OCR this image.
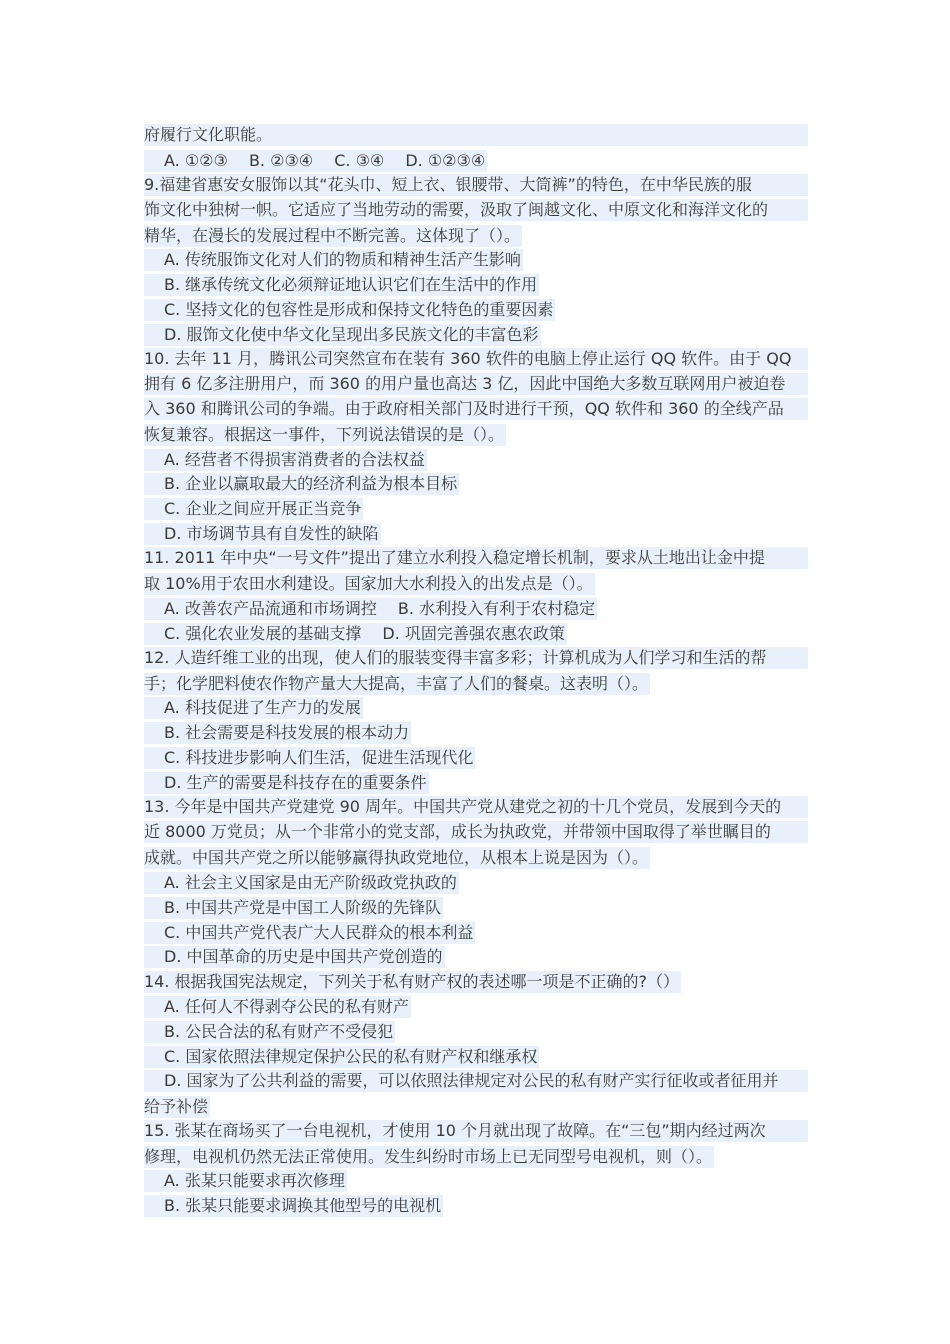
府履行文化职能。
A. ①②③　 B. ②③④　 C. ③④　 D. ①②③④
9.福建省惠安女服饰以其“花头巾、短上衣、银腰带、大筒裤”的特色，在中华民族的服
饰文化中独树一帜。它适应了当地劳动的需要，汲取了闽越文化、中原文化和海洋文化的
精华，在漫长的发展过程中不断完善。这体现了（）。
A. 传统服饰文化对人们的物质和精神生活产生影响
B. 继承传统文化必须辩证地认识它们在生活中的作用
C. 坚持文化的包容性是形成和保持文化特色的重要因素
D. 服饰文化使中华文化呈现出多民族文化的丰富色彩
10. 去年 11 月，腾讯公司突然宣布在装有 360 软件的电脑上停止运行 QQ 软件。由于 QQ
拥有 6 亿多注册用户，而 360 的用户量也高达 3 亿，因此中国绝大多数互联网用户被迫卷
入 360 和腾讯公司的争端。由于政府相关部门及时进行干预，QQ 软件和 360 的全线产品
恢复兼容。根据这一事件，下列说法错误的是（）。
A. 经营者不得损害消费者的合法权益
B. 企业以赢取最大的经济利益为根本目标
C. 企业之间应开展正当竞争
D. 市场调节具有自发性的缺陷
11. 2011 年中央“一号文件”提出了建立水利投入稳定增长机制，要求从土地出让金中提
取 10%用于农田水利建设。国家加大水利投入的出发点是（）。
A. 改善农产品流通和市场调控　 B. 水利投入有利于农村稳定
C. 强化农业发展的基础支撑　 D. 巩固完善强农惠农政策
12. 人造纤维工业的出现，使人们的服装变得丰富多彩；计算机成为人们学习和生活的帮
手；化学肥料使农作物产量大大提高，丰富了人们的餐桌。这表明（）。
A. 科技促进了生产力的发展
B. 社会需要是科技发展的根本动力
C. 科技进步影响人们生活，促进生活现代化
D. 生产的需要是科技存在的重要条件
13. 今年是中国共产党建党 90 周年。中国共产党从建党之初的十几个党员，发展到今天的
近 8000 万党员；从一个非常小的党支部，成长为执政党，并带领中国取得了举世瞩目的
成就。中国共产党之所以能够赢得执政党地位，从根本上说是因为（）。
A. 社会主义国家是由无产阶级政党执政的
B. 中国共产党是中国工人阶级的先锋队
C. 中国共产党代表广大人民群众的根本利益
D. 中国革命的历史是中国共产党创造的
14. 根据我国宪法规定，下列关于私有财产权的表述哪一项是不正确的?（）
A. 任何人不得剥夺公民的私有财产
B. 公民合法的私有财产不受侵犯
C. 国家依照法律规定保护公民的私有财产权和继承权
D. 国家为了公共利益的需要，可以依照法律规定对公民的私有财产实行征收或者征用并
给予补偿
15. 张某在商场买了一台电视机，才使用 10 个月就出现了故障。在“三包”期内经过两次
修理，电视机仍然无法正常使用。发生纠纷时市场上已无同型号电视机，则（）。
A. 张某只能要求再次修理
B. 张某只能要求调换其他型号的电视机
